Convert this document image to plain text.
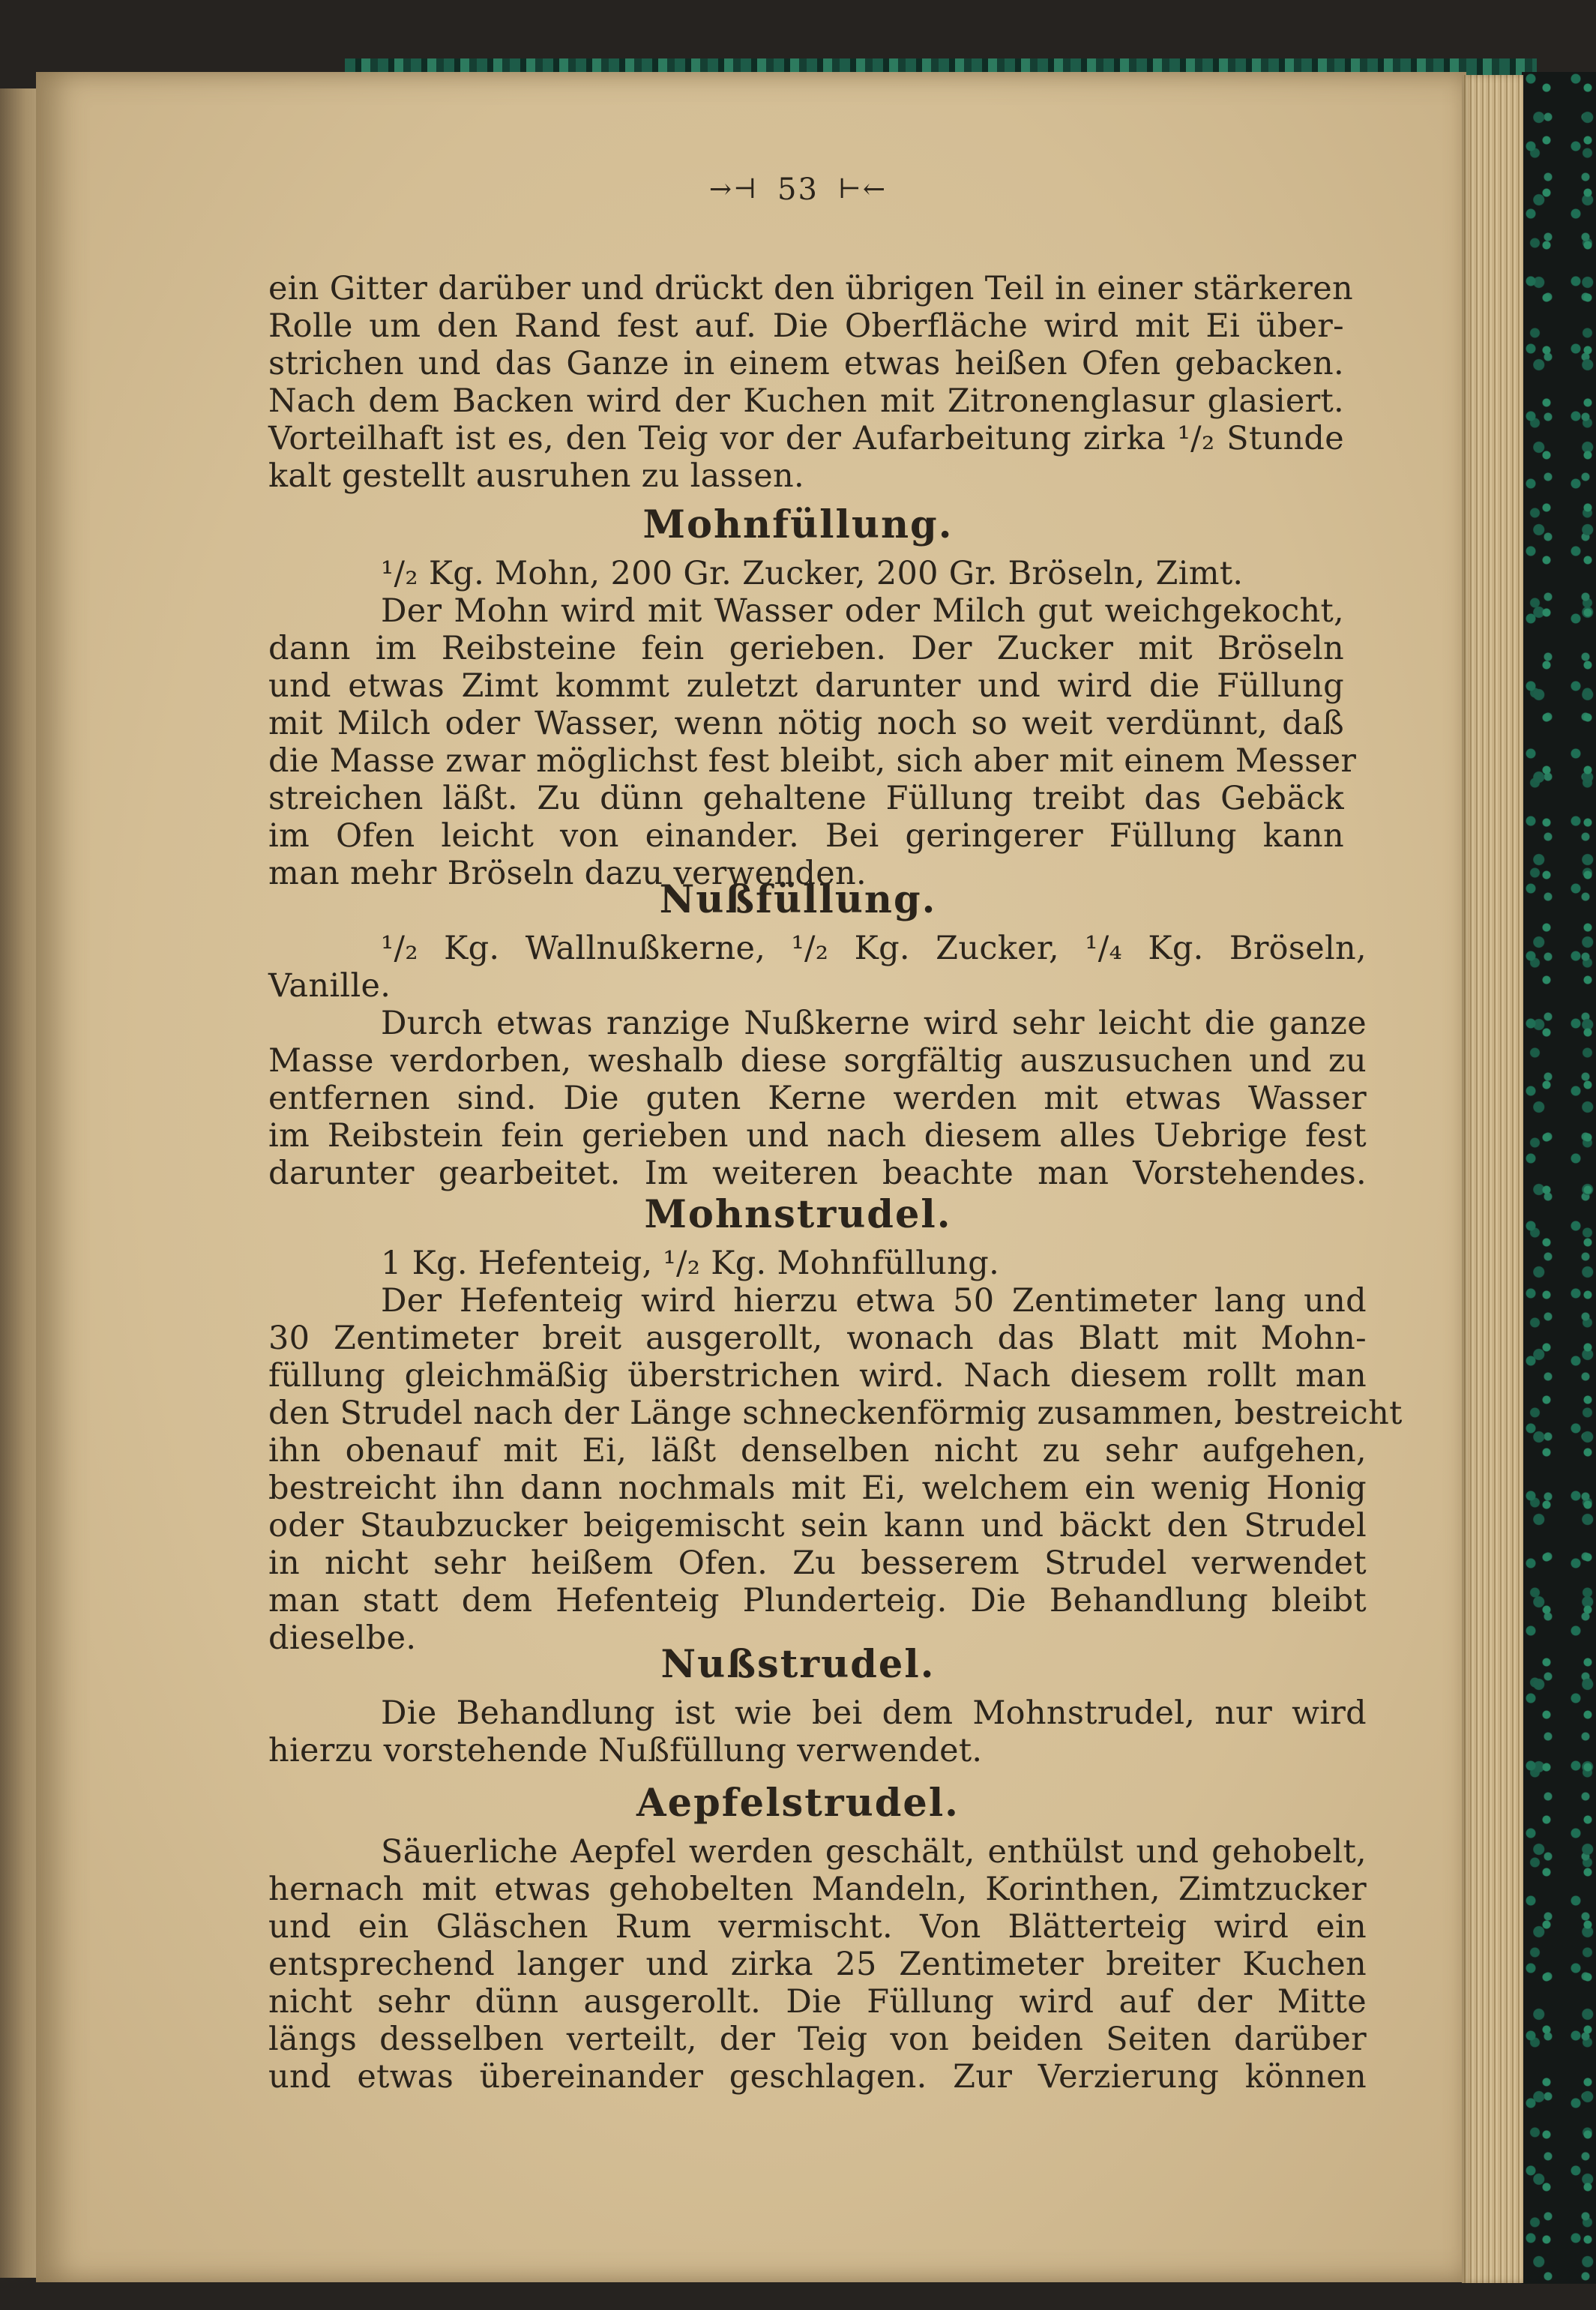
→⊣ 53 ⊢←
ein Gitter darüber und drückt den übrigen Teil in einer stärkeren
Rolle um den Rand fest auf. Die Oberfläche wird mit Ei über-
strichen und das Ganze in einem etwas heißen Ofen gebacken.
Nach dem Backen wird der Kuchen mit Zitronenglasur glasiert.
Vorteilhaft ist es, den Teig vor der Aufarbeitung zirka ¹/₂ Stunde
kalt gestellt ausruhen zu lassen.
Mohnfüllung.
¹/₂ Kg. Mohn, 200 Gr. Zucker, 200 Gr. Bröseln, Zimt.
Der Mohn wird mit Wasser oder Milch gut weichgekocht,
dann im Reibsteine fein gerieben. Der Zucker mit Bröseln
und etwas Zimt kommt zuletzt darunter und wird die Füllung
mit Milch oder Wasser, wenn nötig noch so weit verdünnt, daß
die Masse zwar möglichst fest bleibt, sich aber mit einem Messer
streichen läßt. Zu dünn gehaltene Füllung treibt das Gebäck
im Ofen leicht von einander. Bei geringerer Füllung kann
man mehr Bröseln dazu verwenden.
Nußfüllung.
¹/₂ Kg. Wallnußkerne, ¹/₂ Kg. Zucker, ¹/₄ Kg. Bröseln,
Vanille.
Durch etwas ranzige Nußkerne wird sehr leicht die ganze
Masse verdorben, weshalb diese sorgfältig auszusuchen und zu
entfernen sind. Die guten Kerne werden mit etwas Wasser
im Reibstein fein gerieben und nach diesem alles Uebrige fest
darunter gearbeitet. Im weiteren beachte man Vorstehendes.
Mohnstrudel.
1 Kg. Hefenteig, ¹/₂ Kg. Mohnfüllung.
Der Hefenteig wird hierzu etwa 50 Zentimeter lang und
30 Zentimeter breit ausgerollt, wonach das Blatt mit Mohn-
füllung gleichmäßig überstrichen wird. Nach diesem rollt man
den Strudel nach der Länge schneckenförmig zusammen, bestreicht
ihn obenauf mit Ei, läßt denselben nicht zu sehr aufgehen,
bestreicht ihn dann nochmals mit Ei, welchem ein wenig Honig
oder Staubzucker beigemischt sein kann und bäckt den Strudel
in nicht sehr heißem Ofen. Zu besserem Strudel verwendet
man statt dem Hefenteig Plunderteig. Die Behandlung bleibt
dieselbe.
Nußstrudel.
Die Behandlung ist wie bei dem Mohnstrudel, nur wird
hierzu vorstehende Nußfüllung verwendet.
Aepfelstrudel.
Säuerliche Aepfel werden geschält, enthülst und gehobelt,
hernach mit etwas gehobelten Mandeln, Korinthen, Zimtzucker
und ein Gläschen Rum vermischt. Von Blätterteig wird ein
entsprechend langer und zirka 25 Zentimeter breiter Kuchen
nicht sehr dünn ausgerollt. Die Füllung wird auf der Mitte
längs desselben verteilt, der Teig von beiden Seiten darüber
und etwas übereinander geschlagen. Zur Verzierung können
